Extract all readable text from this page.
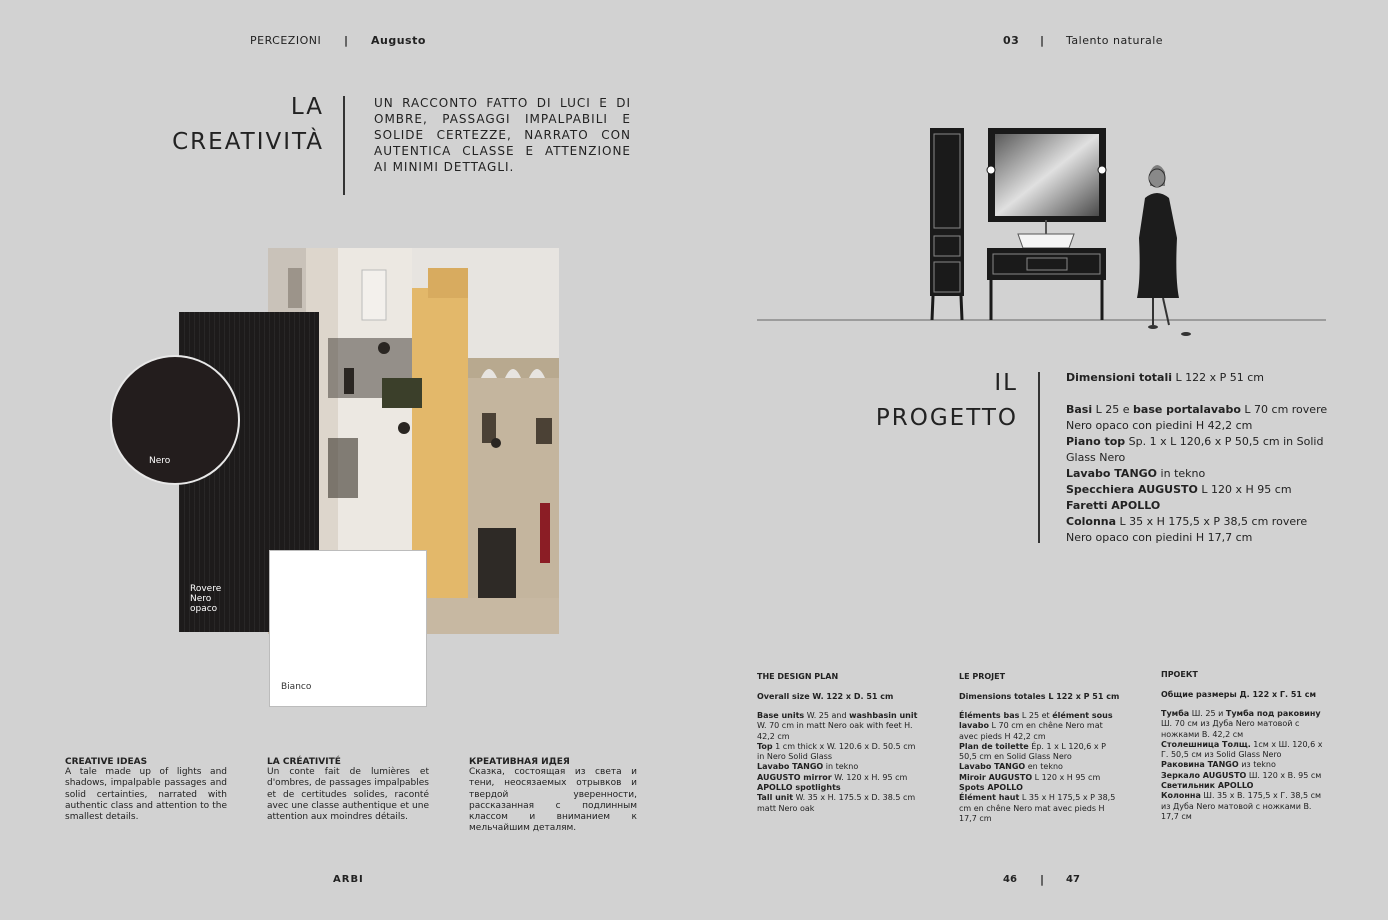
PERCEZIONI | Augusto
LA
CREATIVITÀ
UN RACCONTO FATTO DI LUCI E DI OMBRE, PASSAGGI IMPALPABILI E SOLIDE CERTEZZE, NARRATO CON AUTENTICA CLASSE E ATTENZIONE AI MINIMI DETTAGLI.
Rovere
Nero
opaco
Nero
Bianco
CREATIVE IDEAS
A tale made up of lights and shadows, impalpable passages and solid certainties, narrated with authentic class and attention to the smallest details.
LA CRÉATIVITÉ
Un conte fait de lumières et d'ombres, de passages impalpables et de certitudes solides, raconté avec une classe authentique et une attention aux moindres détails.
КРЕАТИВНАЯ ИДЕЯ
Сказка, состоящая из света и тени, неосязаемых отрывков и твердой уверенности, рассказанная с подлинным классом и вниманием к мельчайшим деталям.
ARBI
03 | Talento naturale
IL
PROGETTO

Dimensioni totali L 122 x P 51 cm

Basi L 25 e base portalavabo L 70 cm rovere Nero opaco con piedini H 42,2 cm

Piano top Sp. 1 x L 120,6 x P 50,5 cm in Solid Glass Nero

Lavabo TANGO in tekno

Specchiera AUGUSTO L 120 x H 95 cm

Faretti APOLLO

Colonna L 35 x H 175,5 x P 38,5 cm rovere Nero opaco con piedini H 17,7 cm

THE DESIGN PLAN
Overall size W. 122 x D. 51 cm
Base units W. 25 and washbasin unit W. 70 cm in matt Nero oak with feet H. 42,2 cm

Top 1 cm thick x W. 120.6 x D. 50.5 cm in Nero Solid Glass

Lavabo TANGO in tekno

AUGUSTO mirror W. 120 x H. 95 cm

APOLLO spotlights

Tall unit W. 35 x H. 175.5 x D. 38.5 cm matt Nero oak

LE PROJET
Dimensions totales L 122 x P 51 cm
Éléments bas L 25 et élément sous lavabo L 70 cm en chêne Nero mat avec pieds H 42,2 cm

Plan de toilette Ép. 1 x L 120,6 x P 50,5 cm en Solid Glass Nero

Lavabo TANGO en tekno

Miroir AUGUSTO L 120 x H 95 cm

Spots APOLLO

Élément haut L 35 x H 175,5 x P 38,5 cm en chêne Nero mat avec pieds H 17,7 cm

ПРОЕКТ
Общие размеры Д. 122 х Г. 51 см
Тумба Ш. 25 и Тумба под раковину Ш. 70 см из Дуба Nero матовой с ножками В. 42,2 см

Столешница Толщ. 1см х Ш. 120,6 х Г. 50,5 см из Solid Glass Nero

Раковина TANGO из tekno

Зеркало AUGUSTO Ш. 120 х В. 95 см

Светильник APOLLO

Колонна Ш. 35 х В. 175,5 х Г. 38,5 см из Дуба Nero матовой с ножками В. 17,7 см

46 | 47
